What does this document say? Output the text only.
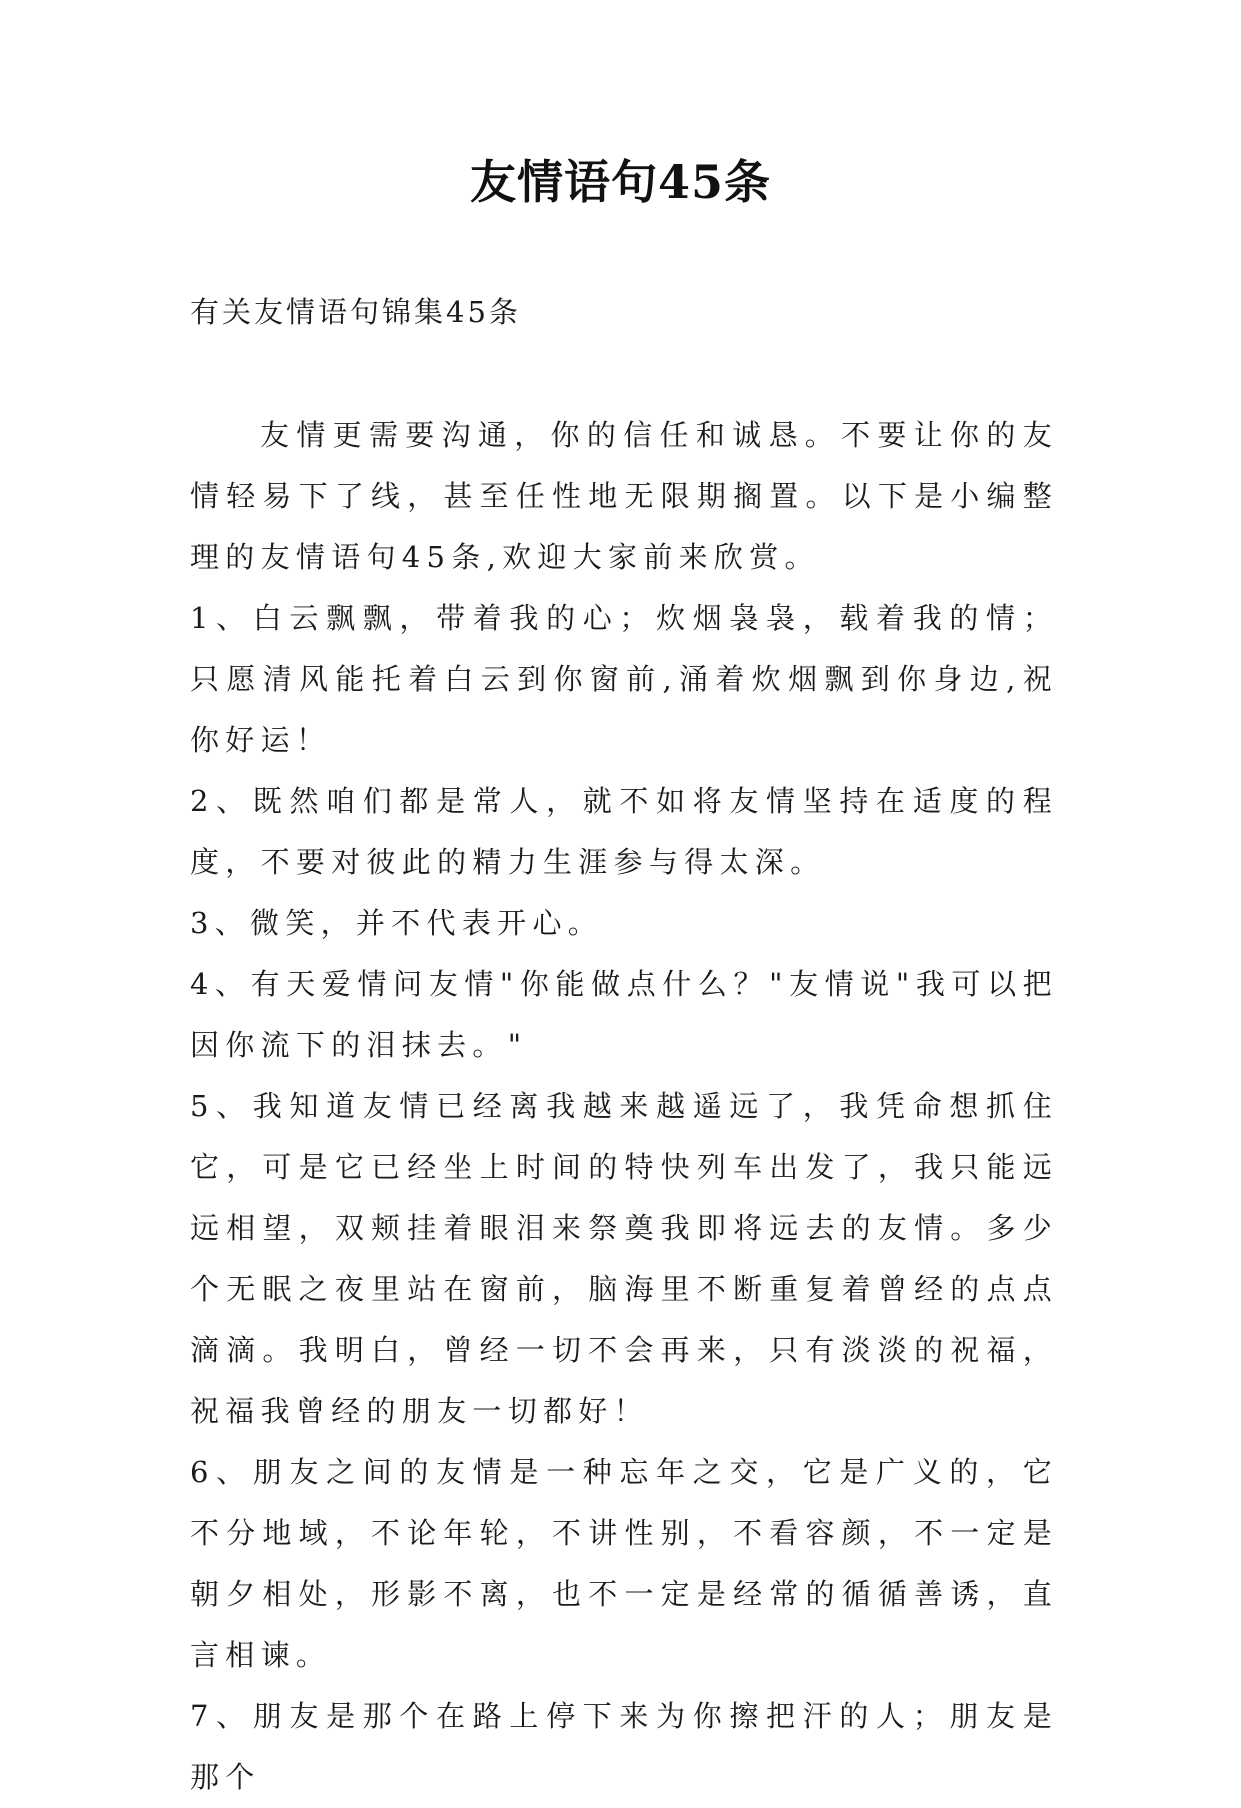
友情语句45条
有关友情语句锦集45条

友情更需要沟通，你的信任和诚恳。不要让你的友情轻易下了线，甚至任性地无限期搁置。以下是小编整理的友情语句45条,欢迎大家前来欣赏。

1、白云飘飘，带着我的心；炊烟袅袅，载着我的情；只愿清风能托着白云到你窗前,涌着炊烟飘到你身边,祝你好运！

2、既然咱们都是常人，就不如将友情坚持在适度的程度，不要对彼此的精力生涯参与得太深。

3、微笑，并不代表开心。

4、有天爱情问友情"你能做点什么？"友情说"我可以把因你流下的泪抹去。"

5、我知道友情已经离我越来越遥远了，我凭命想抓住它，可是它已经坐上时间的特快列车出发了，我只能远远相望，双颊挂着眼泪来祭奠我即将远去的友情。多少个无眠之夜里站在窗前，脑海里不断重复着曾经的点点滴滴。我明白，曾经一切不会再来，只有淡淡的祝福，祝福我曾经的朋友一切都好！

6、朋友之间的友情是一种忘年之交，它是广义的，它不分地域，不论年轮，不讲性别，不看容颜，不一定是朝夕相处，形影不离，也不一定是经常的循循善诱，直言相谏。

7、朋友是那个在路上停下来为你擦把汗的人；朋友是那个
